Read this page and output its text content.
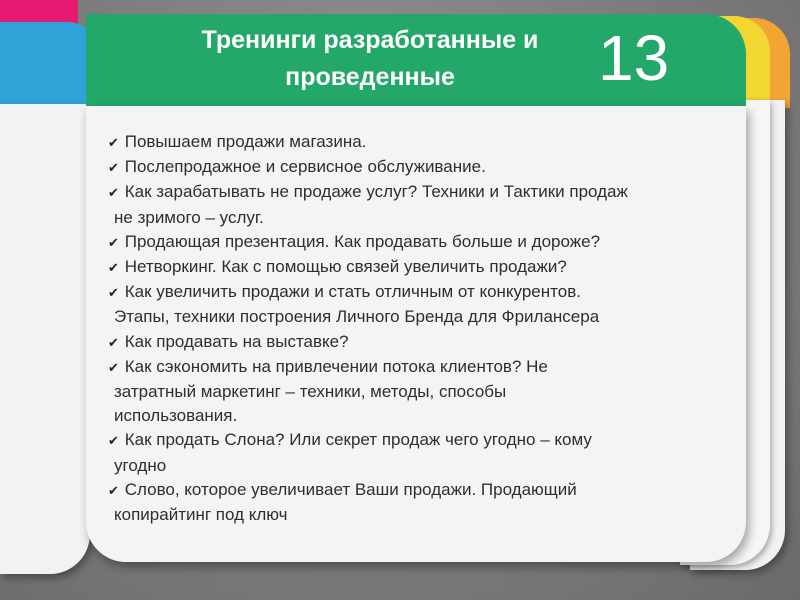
Тренинги разработанные и проведенные	13
✔ Повышаем продажи магазина.
✔ Послепродажное и сервисное обслуживание.
✔ Как зарабатывать не продаже услуг? Техники и Тактики продаж
не зримого – услуг.
✔ Продающая презентация. Как продавать больше и дороже?
✔ Нетворкинг. Как с помощью связей увеличить продажи?
✔ Как увеличить продажи и стать отличным от конкурентов.
Этапы, техники построения Личного Бренда для Фрилансера
✔ Как продавать на выставке?
✔ Как сэкономить на привлечении потока клиентов? Не
затратный маркетинг – техники, методы, способы
использования.
✔ Как продать Слона? Или секрет продаж чего угодно – кому
угодно
✔ Слово, которое увеличивает Ваши продажи. Продающий
копирайтинг под ключ
